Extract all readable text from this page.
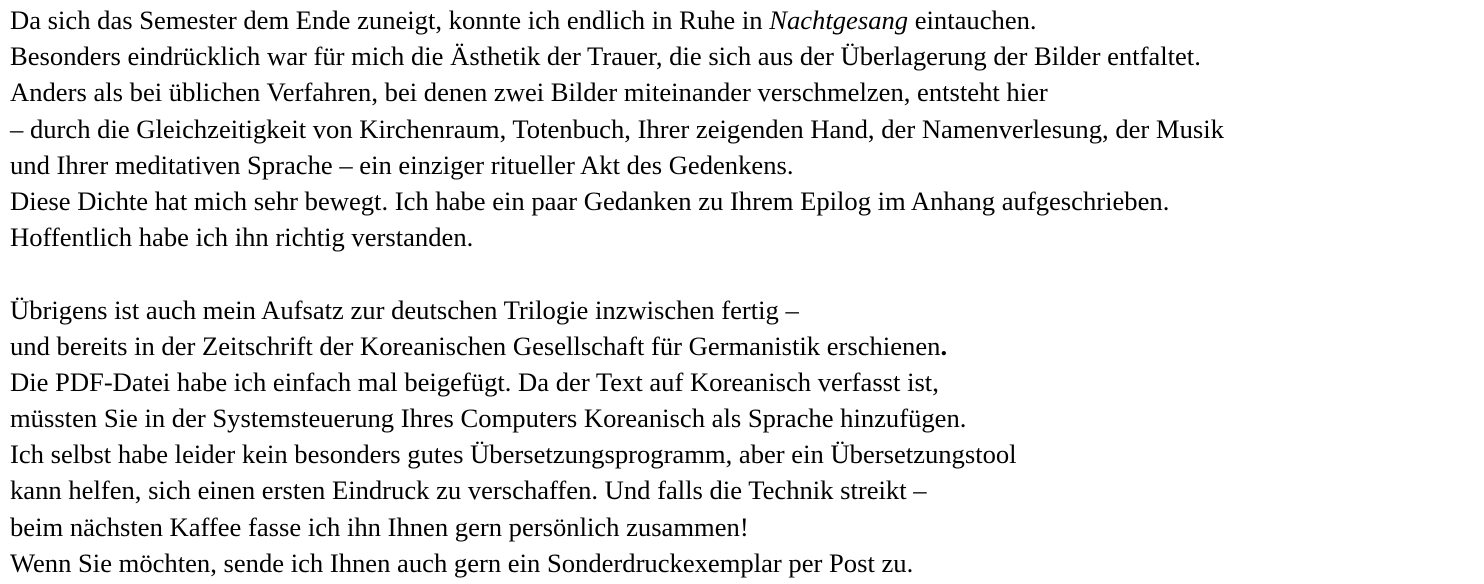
Da sich das Semester dem Ende zuneigt, konnte ich endlich in Ruhe in Nachtgesang eintauchen.
Besonders eindrücklich war für mich die Ästhetik der Trauer, die sich aus der Überlagerung der Bilder entfaltet.
Anders als bei üblichen Verfahren, bei denen zwei Bilder miteinander verschmelzen, entsteht hier
– durch die Gleichzeitigkeit von Kirchenraum, Totenbuch, Ihrer zeigenden Hand, der Namenverlesung, der Musik
und Ihrer meditativen Sprache – ein einziger ritueller Akt des Gedenkens.
Diese Dichte hat mich sehr bewegt. Ich habe ein paar Gedanken zu Ihrem Epilog im Anhang aufgeschrieben.
Hoffentlich habe ich ihn richtig verstanden.
Übrigens ist auch mein Aufsatz zur deutschen Trilogie inzwischen fertig –
und bereits in der Zeitschrift der Koreanischen Gesellschaft für Germanistik erschienen.
Die PDF-Datei habe ich einfach mal beigefügt. Da der Text auf Koreanisch verfasst ist,
müssten Sie in der Systemsteuerung Ihres Computers Koreanisch als Sprache hinzufügen.
Ich selbst habe leider kein besonders gutes Übersetzungsprogramm, aber ein Übersetzungstool
kann helfen, sich einen ersten Eindruck zu verschaffen. Und falls die Technik streikt –
beim nächsten Kaffee fasse ich ihn Ihnen gern persönlich zusammen!
Wenn Sie möchten, sende ich Ihnen auch gern ein Sonderdruckexemplar per Post zu.
